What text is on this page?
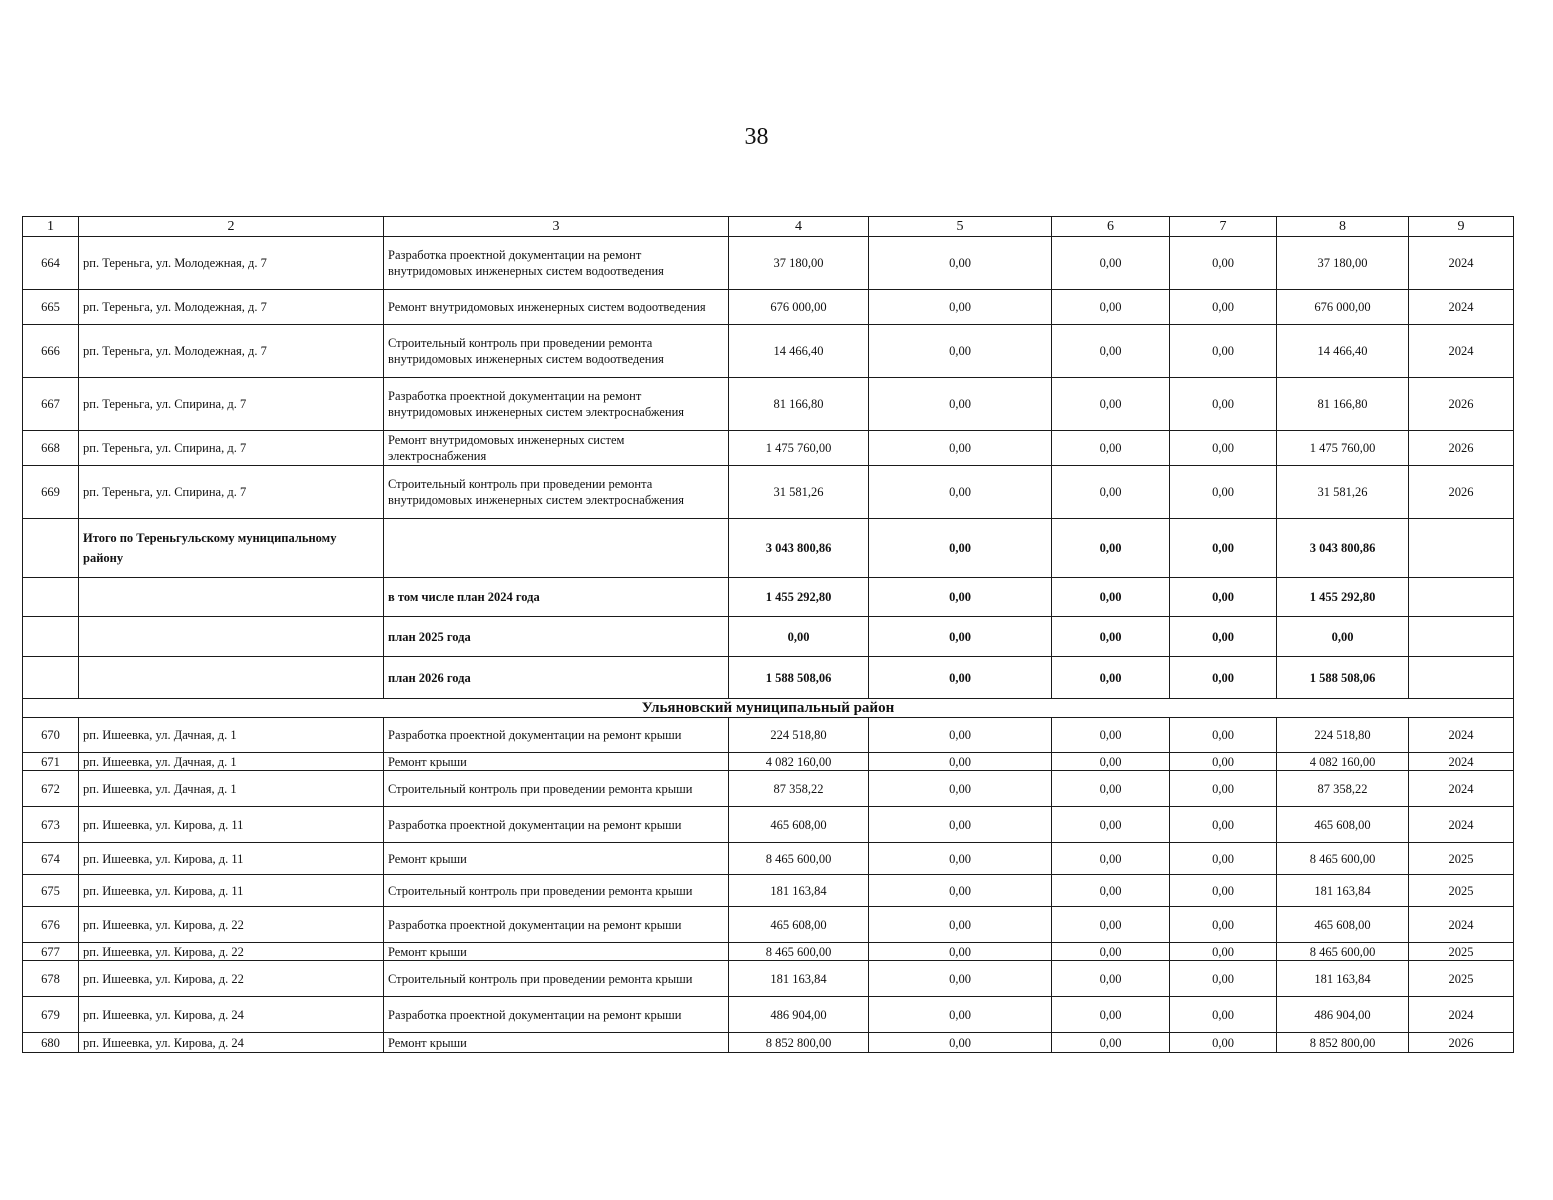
38
1	2	3	4	5	6	7	8	9
664	рп. Тереньга, ул. Молодежная, д. 7	Разработка проектной документации на ремонт внутридомовых инженерных систем водоотведения	37 180,00	0,00	0,00	0,00	37 180,00	2024
665	рп. Тереньга, ул. Молодежная, д. 7	Ремонт внутридомовых инженерных систем водоотведения	676 000,00	0,00	0,00	0,00	676 000,00	2024
666	рп. Тереньга, ул. Молодежная, д. 7	Строительный контроль при проведении ремонта внутридомовых инженерных систем водоотведения	14 466,40	0,00	0,00	0,00	14 466,40	2024
667	рп. Тереньга, ул. Спирина, д. 7	Разработка проектной документации на ремонт внутридомовых инженерных систем электроснабжения	81 166,80	0,00	0,00	0,00	81 166,80	2026
668	рп. Тереньга, ул. Спирина, д. 7	Ремонт внутридомовых инженерных систем электроснабжения	1 475 760,00	0,00	0,00	0,00	1 475 760,00	2026
669	рп. Тереньга, ул. Спирина, д. 7	Строительный контроль при проведении ремонта внутридомовых инженерных систем электроснабжения	31 581,26	0,00	0,00	0,00	31 581,26	2026
	Итого по Тереньгульскому муниципальному району		3 043 800,86	0,00	0,00	0,00	3 043 800,86	
		в том числе план 2024 года	1 455 292,80	0,00	0,00	0,00	1 455 292,80	
		план 2025 года	0,00	0,00	0,00	0,00	0,00	
		план 2026 года	1 588 508,06	0,00	0,00	0,00	1 588 508,06	
Ульяновский муниципальный район								
670	рп. Ишеевка, ул. Дачная, д. 1	Разработка проектной документации на ремонт крыши	224 518,80	0,00	0,00	0,00	224 518,80	2024
671	рп. Ишеевка, ул. Дачная, д. 1	Ремонт крыши	4 082 160,00	0,00	0,00	0,00	4 082 160,00	2024
672	рп. Ишеевка, ул. Дачная, д. 1	Строительный контроль при проведении ремонта крыши	87 358,22	0,00	0,00	0,00	87 358,22	2024
673	рп. Ишеевка, ул. Кирова, д. 11	Разработка проектной документации на ремонт крыши	465 608,00	0,00	0,00	0,00	465 608,00	2024
674	рп. Ишеевка, ул. Кирова, д. 11	Ремонт крыши	8 465 600,00	0,00	0,00	0,00	8 465 600,00	2025
675	рп. Ишеевка, ул. Кирова, д. 11	Строительный контроль при проведении ремонта крыши	181 163,84	0,00	0,00	0,00	181 163,84	2025
676	рп. Ишеевка, ул. Кирова, д. 22	Разработка проектной документации на ремонт крыши	465 608,00	0,00	0,00	0,00	465 608,00	2024
677	рп. Ишеевка, ул. Кирова, д. 22	Ремонт крыши	8 465 600,00	0,00	0,00	0,00	8 465 600,00	2025
678	рп. Ишеевка, ул. Кирова, д. 22	Строительный контроль при проведении ремонта крыши	181 163,84	0,00	0,00	0,00	181 163,84	2025
679	рп. Ишеевка, ул. Кирова, д. 24	Разработка проектной документации на ремонт крыши	486 904,00	0,00	0,00	0,00	486 904,00	2024
680	рп. Ишеевка, ул. Кирова, д. 24	Ремонт крыши	8 852 800,00	0,00	0,00	0,00	8 852 800,00	2026
